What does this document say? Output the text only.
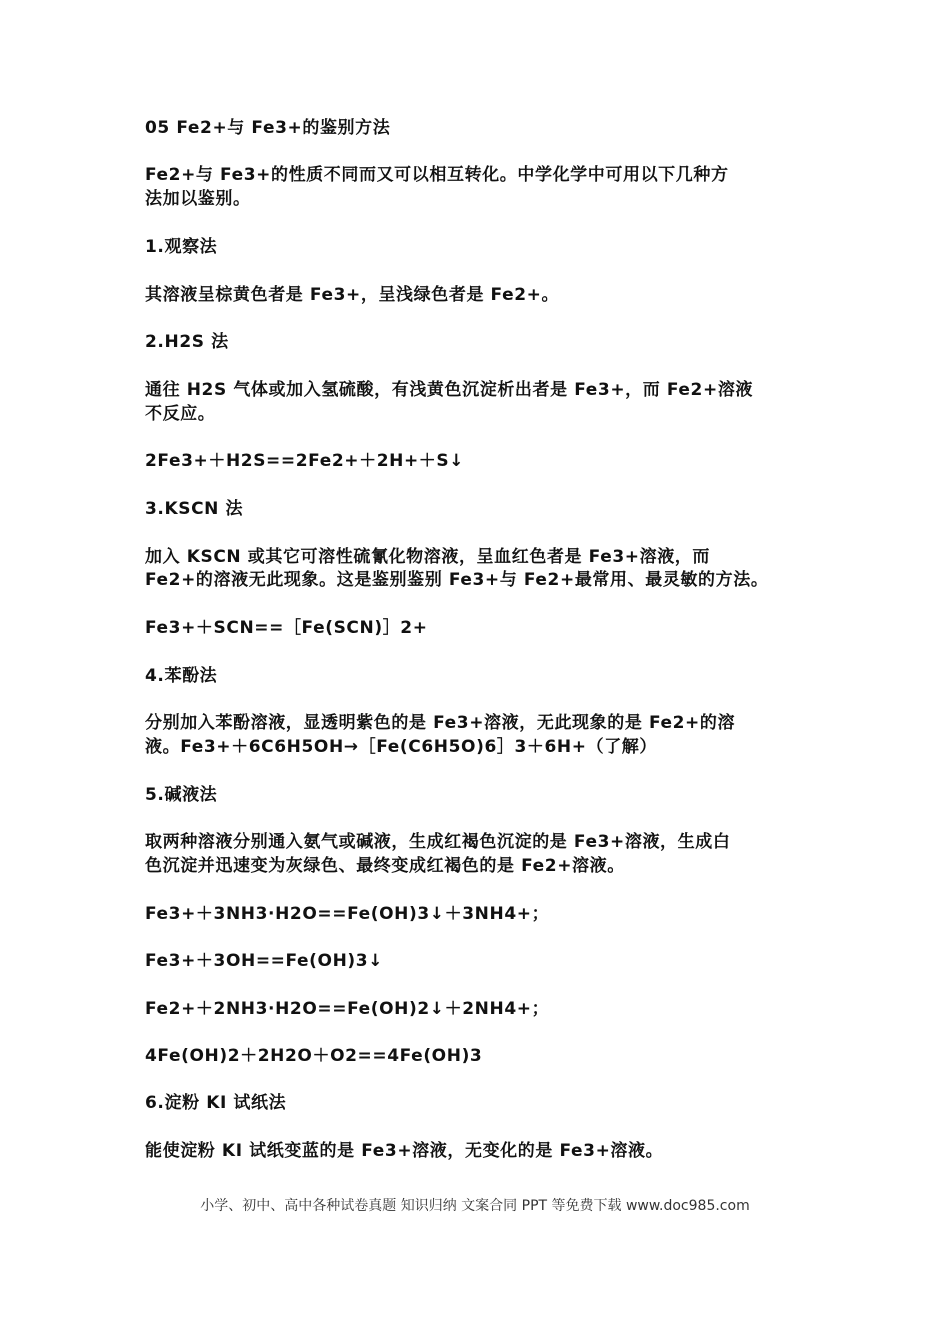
05 Fe2+与 Fe3+的鉴别方法
Fe2+与 Fe3+的性质不同而又可以相互转化。中学化学中可用以下几种方
法加以鉴别。
1.观察法
其溶液呈棕黄色者是 Fe3+，呈浅绿色者是 Fe2+。
2.H2S 法
通往 H2S 气体或加入氢硫酸，有浅黄色沉淀析出者是 Fe3+，而 Fe2+溶液
不反应。
2Fe3+＋H2S==2Fe2+＋2H+＋S↓
3.KSCN 法
加入 KSCN 或其它可溶性硫氰化物溶液，呈血红色者是 Fe3+溶液，而
Fe2+的溶液无此现象。这是鉴别鉴别 Fe3+与 Fe2+最常用、最灵敏的方法。
Fe3+＋SCN==［Fe(SCN)］2+
4.苯酚法
分别加入苯酚溶液，显透明紫色的是 Fe3+溶液，无此现象的是 Fe2+的溶
液。Fe3+＋6C6H5OH→［Fe(C6H5O)6］3＋6H+（了解）
5.碱液法
取两种溶液分别通入氨气或碱液，生成红褐色沉淀的是 Fe3+溶液，生成白
色沉淀并迅速变为灰绿色、最终变成红褐色的是 Fe2+溶液。
Fe3+＋3NH3·H2O==Fe(OH)3↓＋3NH4+；
Fe3+＋3OH==Fe(OH)3↓
Fe2+＋2NH3·H2O==Fe(OH)2↓＋2NH4+；
4Fe(OH)2＋2H2O＋O2==4Fe(OH)3
6.淀粉 KI 试纸法
能使淀粉 KI 试纸变蓝的是 Fe3+溶液，无变化的是 Fe3+溶液。
小学、初中、高中各种试卷真题 知识归纳 文案合同 PPT 等免费下载 www.doc985.com
